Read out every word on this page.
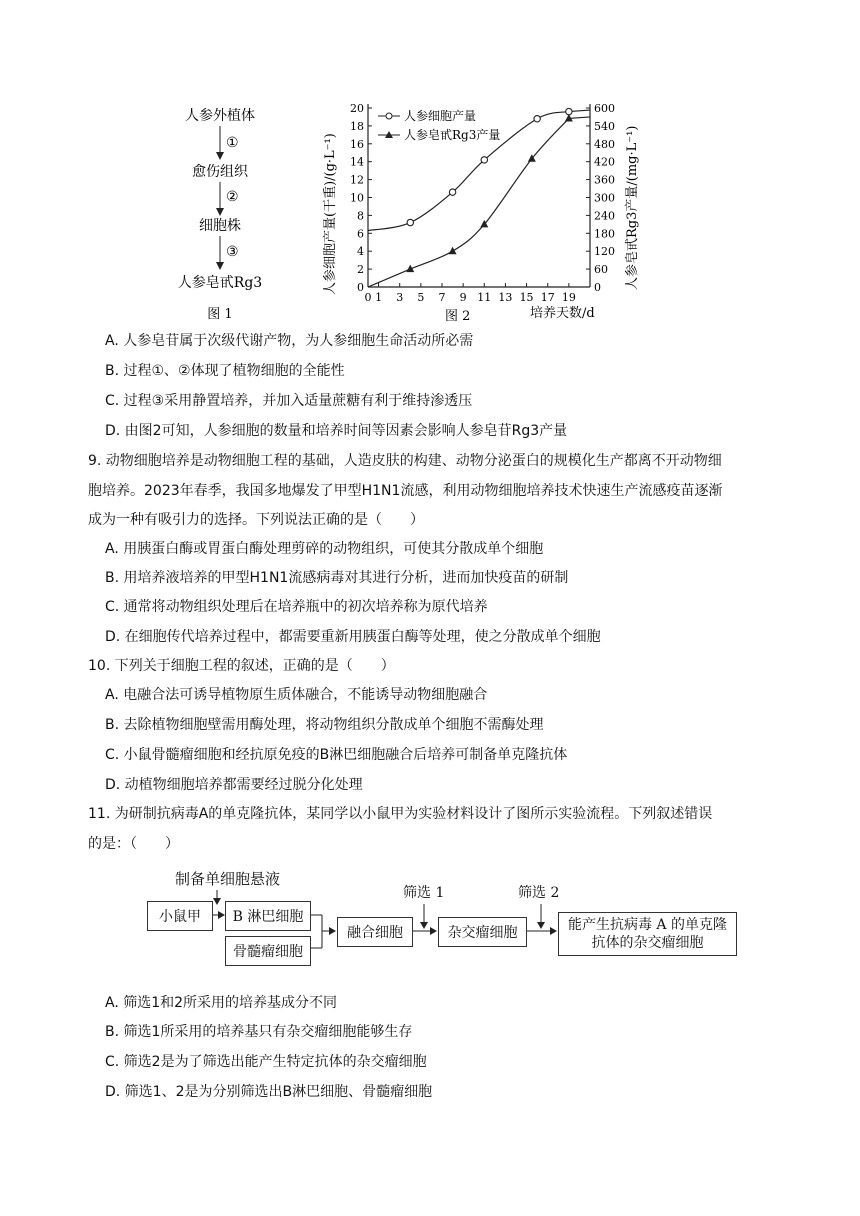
人参外植体
①
愈伤组织
②
细胞株
③
人参皂甙Rg3
图 1
0 1 3 5 7 9 11 13 15 17 19
0
2
4
6
8
10
12
14
16
18
20
0
60
120
180
240
300
360
420
480
540
600
人参细胞产量
人参皂甙Rg3产量
人参细胞产量(干重)/(g·L⁻¹)	人参皂甙Rg3产量/(mg·L⁻¹)
培养天数/d
图 2
A. 人参皂苷属于次级代谢产物，为人参细胞生命活动所必需
B. 过程①、②体现了植物细胞的全能性
C. 过程③采用静置培养，并加入适量蔗糖有利于维持渗透压
D. 由图2可知，人参细胞的数量和培养时间等因素会影响人参皂苷Rg3产量
9. 动物细胞培养是动物细胞工程的基础，人造皮肤的构建、动物分泌蛋白的规模化生产都离不开动物细
胞培养。2023年春季，我国多地爆发了甲型H1N1流感，利用动物细胞培养技术快速生产流感疫苗逐渐
成为一种有吸引力的选择。下列说法正确的是（　　）
A. 用胰蛋白酶或胃蛋白酶处理剪碎的动物组织，可使其分散成单个细胞
B. 用培养液培养的甲型H1N1流感病毒对其进行分析，进而加快疫苗的研制
C. 通常将动物组织处理后在培养瓶中的初次培养称为原代培养
D. 在细胞传代培养过程中，都需要重新用胰蛋白酶等处理，使之分散成单个细胞
10. 下列关于细胞工程的叙述，正确的是（　　）
A. 电融合法可诱导植物原生质体融合，不能诱导动物细胞融合
B. 去除植物细胞壁需用酶处理，将动物组织分散成单个细胞不需酶处理
C. 小鼠骨髓瘤细胞和经抗原免疫的B淋巴细胞融合后培养可制备单克隆抗体
D. 动植物细胞培养都需要经过脱分化处理
11. 为研制抗病毒A的单克隆抗体，某同学以小鼠甲为实验材料设计了图所示实验流程。下列叙述错误
的是：（　　）
制备单细胞悬液
小鼠甲	B 淋巴细胞
骨髓瘤细胞
融合细胞
筛选 1
杂交瘤细胞
筛选 2
能产生抗病毒 A 的单克隆
抗体的杂交瘤细胞
A. 筛选1和2所采用的培养基成分不同
B. 筛选1所采用的培养基只有杂交瘤细胞能够生存
C. 筛选2是为了筛选出能产生特定抗体的杂交瘤细胞
D. 筛选1、2是为分别筛选出B淋巴细胞、骨髓瘤细胞
